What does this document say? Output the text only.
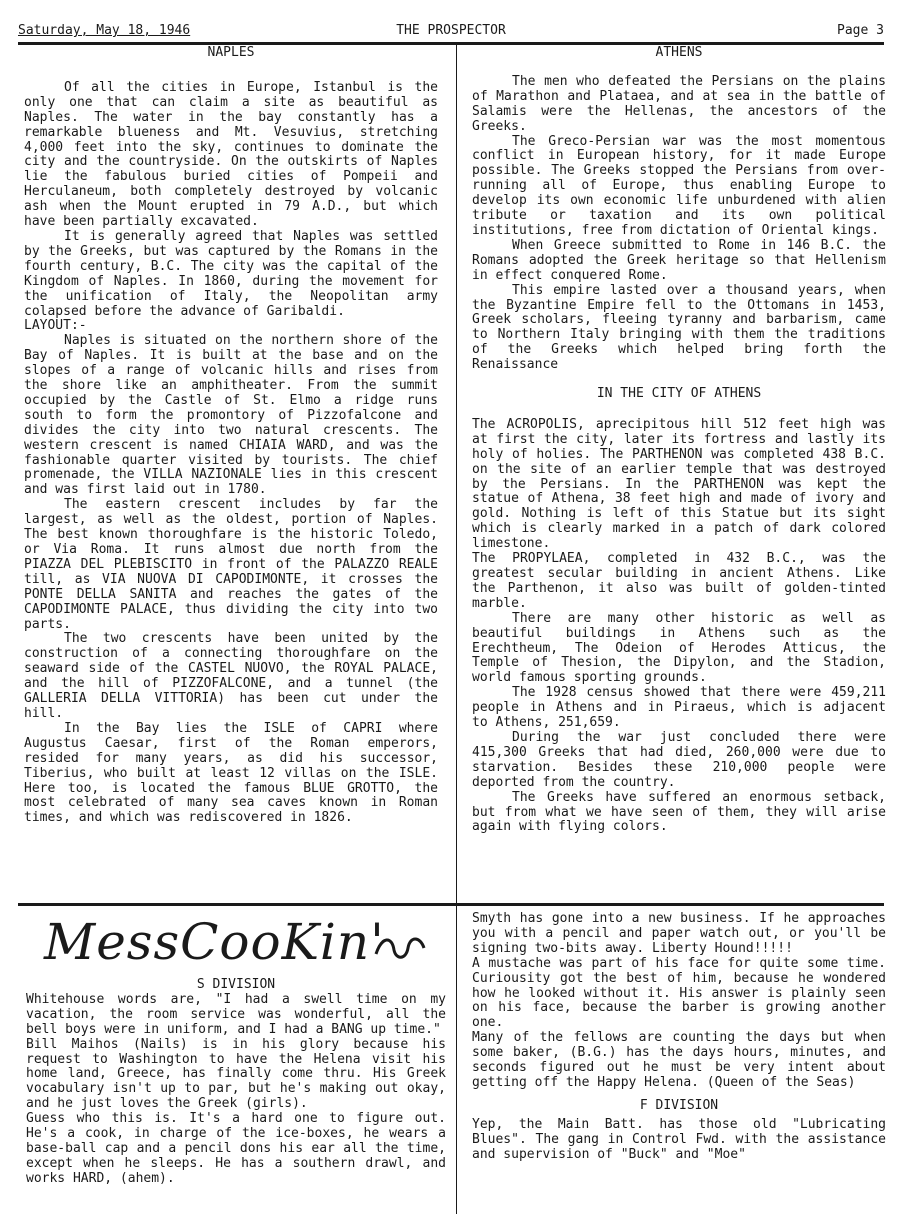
Saturday, May 18, 1946	THE PROSPECTOR	Page 3

NAPLES

Of all the cities in Europe, Istanbul is the only one that can claim a site as beautiful as Naples. The water in the bay constantly has a remarkable blueness and Mt. Vesuvius, stretching 4,000 feet into the sky, continues to dominate the city and the countryside. On the outskirts of Naples lie the fabulous buried cities of Pompeii and Herculaneum, both completely destroyed by volcanic ash when the Mount erupted in 79 A.D., but which have been partially excavated.

It is generally agreed that Naples was settled by the Greeks, but was captured by the Romans in the fourth century, B.C. The city was the capital of the Kingdom of Naples. In 1860, during the movement for the unification of Italy, the Neopolitan army colapsed before the advance of Garibaldi.

LAYOUT:-

Naples is situated on the northern shore of the Bay of Naples. It is built at the base and on the slopes of a range of volcanic hills and rises from the shore like an amphitheater. From the summit occupied by the Castle of St. Elmo a ridge runs south to form the promontory of Pizzofalcone and divides the city into two natural crescents. The western crescent is named CHIAIA WARD, and was the fashionable quarter visited by tourists. The chief promenade, the VILLA NAZIONALE lies in this crescent and was first laid out in 1780.

The eastern crescent includes by far the largest, as well as the oldest, portion of Naples. The best known thoroughfare is the historic Toledo, or Via Roma. It runs almost due north from the PIAZZA DEL PLEBISCITO in front of the PALAZZO REALE till, as VIA NUOVA DI CAPODIMONTE, it crosses the PONTE DELLA SANITA and reaches the gates of the CAPODIMONTE PALACE, thus dividing the city into two parts.

The two crescents have been united by the construction of a connecting thoroughfare on the seaward side of the CASTEL NUOVO, the ROYAL PALACE, and the hill of PIZZOFALCONE, and a tunnel (the GALLERIA DELLA VITTORIA) has been cut under the hill.

In the Bay lies the ISLE of CAPRI where Augustus Caesar, first of the Roman emperors, resided for many years, as did his successor, Tiberius, who built at least 12 villas on the ISLE. Here too, is located the famous BLUE GROTTO, the most celebrated of many sea caves known in Roman times, and which was rediscovered in 1826.

ATHENS

The men who defeated the Persians on the plains of Marathon and Plataea, and at sea in the battle of Salamis were the Hellenas, the ancestors of the Greeks.

The Greco-Persian war was the most momentous conflict in European history, for it made Europe possible. The Greeks stopped the Persians from over-running all of Europe, thus enabling Europe to develop its own economic life unburdened with alien tribute or taxation and its own political institutions, free from dictation of Oriental kings.

When Greece submitted to Rome in 146 B.C. the Romans adopted the Greek heritage so that Hellenism in effect conquered Rome.

This empire lasted over a thousand years, when the Byzantine Empire fell to the Ottomans in 1453, Greek scholars, fleeing tyranny and barbarism, came to Northern Italy bringing with them the traditions of the Greeks which helped bring forth the Renaissance

IN THE CITY OF ATHENS

The ACROPOLIS, aprecipitous hill 512 feet high was at first the city, later its fortress and lastly its holy of holies. The PARTHENON was completed 438 B.C. on the site of an earlier temple that was destroyed by the Persians. In the PARTHENON was kept the statue of Athena, 38 feet high and made of ivory and gold. Nothing is left of this Statue but its sight which is clearly marked in a patch of dark colored limestone.

The PROPYLAEA, completed in 432 B.C., was the greatest secular building in ancient Athens. Like the Parthenon, it also was built of golden-tinted marble.

There are many other historic as well as beautiful buildings in Athens such as the Erechtheum, The Odeion of Herodes Atticus, the Temple of Thesion, the Dipylon, and the Stadion, world famous sporting grounds.

The 1928 census showed that there were 459,211 people in Athens and in Piraeus, which is adjacent to Athens, 251,659.

During the war just concluded there were 415,300 Greeks that had died, 260,000 were due to starvation. Besides these 210,000 people were deported from the country.

The Greeks have suffered an enormous setback, but from what we have seen of them, they will arise again with flying colors.

MessCooKin'

S DIVISION

Whitehouse words are, "I had a swell time on my vacation, the room service was wonderful, all the bell boys were in uniform, and I had a BANG up time."

Bill Maihos (Nails) is in his glory because his request to Washington to have the Helena visit his home land, Greece, has finally come thru. His Greek vocabulary isn't up to par, but he's making out okay, and he just loves the Greek (girls).

Guess who this is. It's a hard one to figure out. He's a cook, in charge of the ice-boxes, he wears a base-ball cap and a pencil dons his ear all the time, except when he sleeps. He has a southern drawl, and works HARD, (ahem).

Smyth has gone into a new business. If he approaches you with a pencil and paper watch out, or you'll be signing two-bits away. Liberty Hound!!!!!

A mustache was part of his face for quite some time. Curiousity got the best of him, because he wondered how he looked without it. His answer is plainly seen on his face, because the barber is growing another one.

Many of the fellows are counting the days but when some baker, (B.G.) has the days hours, minutes, and seconds figured out he must be very intent about getting off the Happy Helena. (Queen of the Seas)

F DIVISION

Yep, the Main Batt. has those old "Lubricating Blues". The gang in Control Fwd. with the assistance and supervision of "Buck" and "Moe"
